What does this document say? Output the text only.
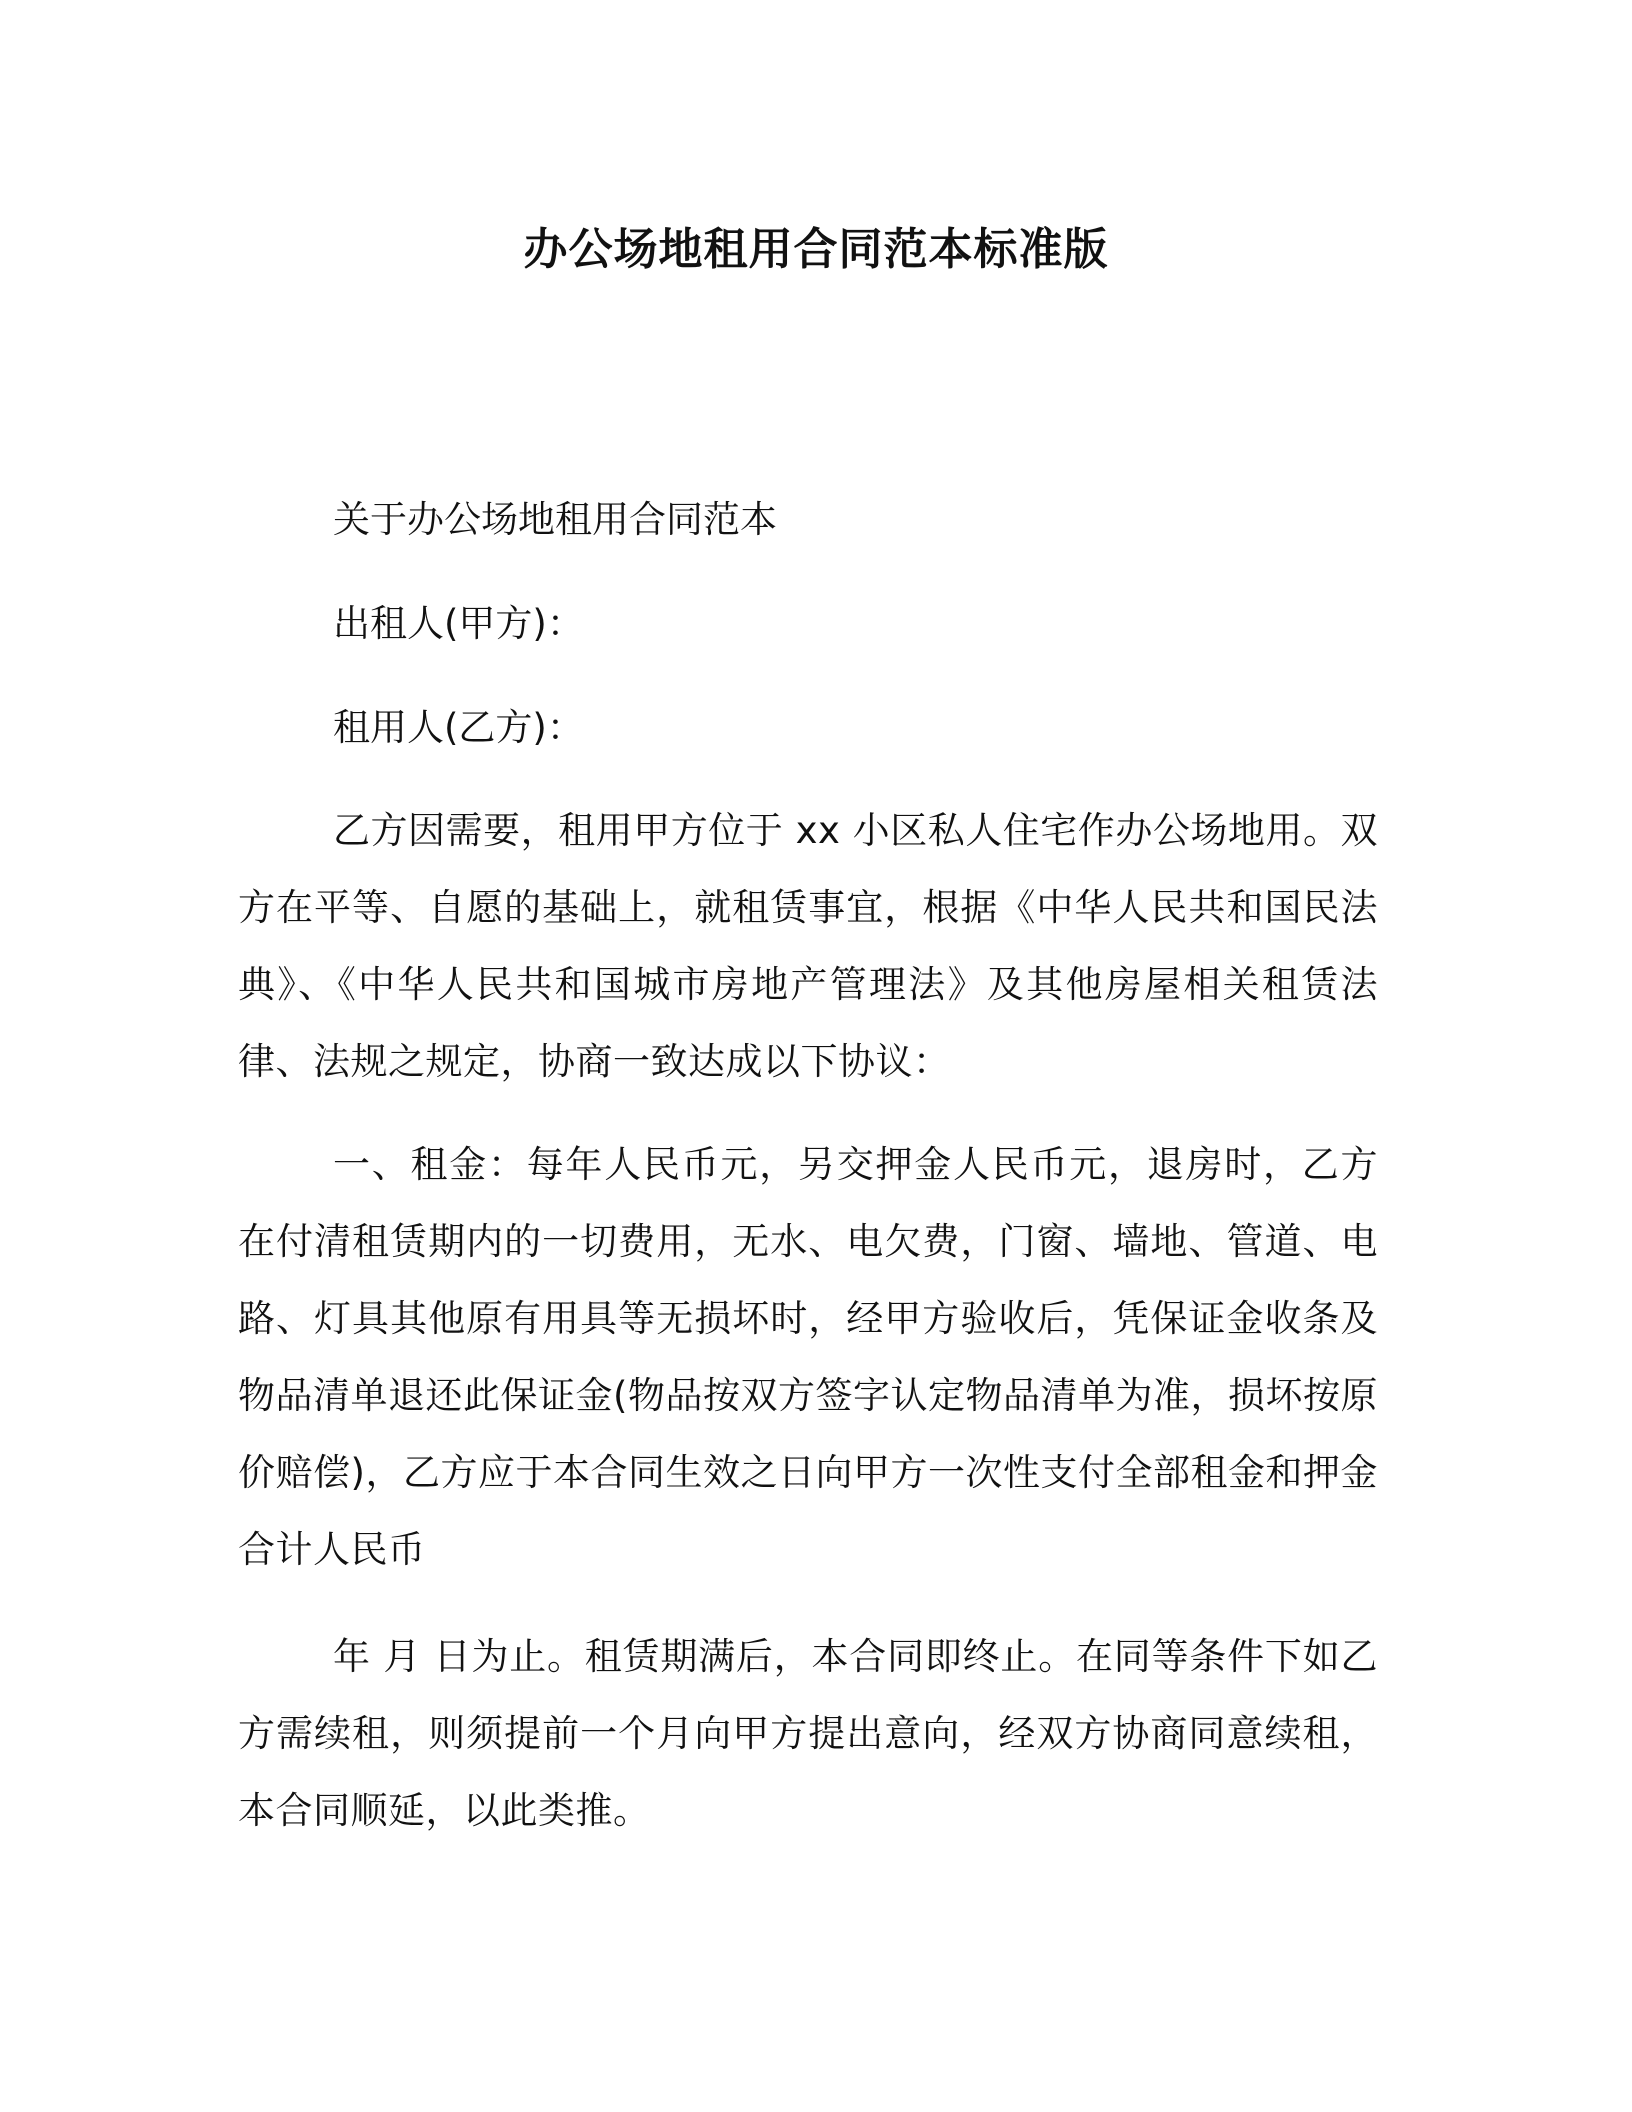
办公场地租用合同范本标准版
关于办公场地租用合同范本
出租人(甲方)：
租用人(乙方)：

乙方因需要，租用甲方位于 xx 小区私人住宅作办公场地用。双方在平等、自愿的基础上，就租赁事宜，根据《中华人民共和国民法典》、《中华人民共和国城市房地产管理法》及其他房屋相关租赁法律、法规之规定，协商一致达成以下协议：

一、租金：每年人民币元，另交押金人民币元，退房时，乙方在付清租赁期内的一切费用，无水、电欠费，门窗、墙地、管道、电路、灯具其他原有用具等无损坏时，经甲方验收后，凭保证金收条及物品清单退还此保证金(物品按双方签字认定物品清单为准，损坏按原价赔偿)，乙方应于本合同生效之日向甲方一次性支付全部租金和押金合计人民币

年 月 日为止。租赁期满后，本合同即终止。在同等条件下如乙方需续租，则须提前一个月向甲方提出意向，经双方协商同意续租，本合同顺延，以此类推。
